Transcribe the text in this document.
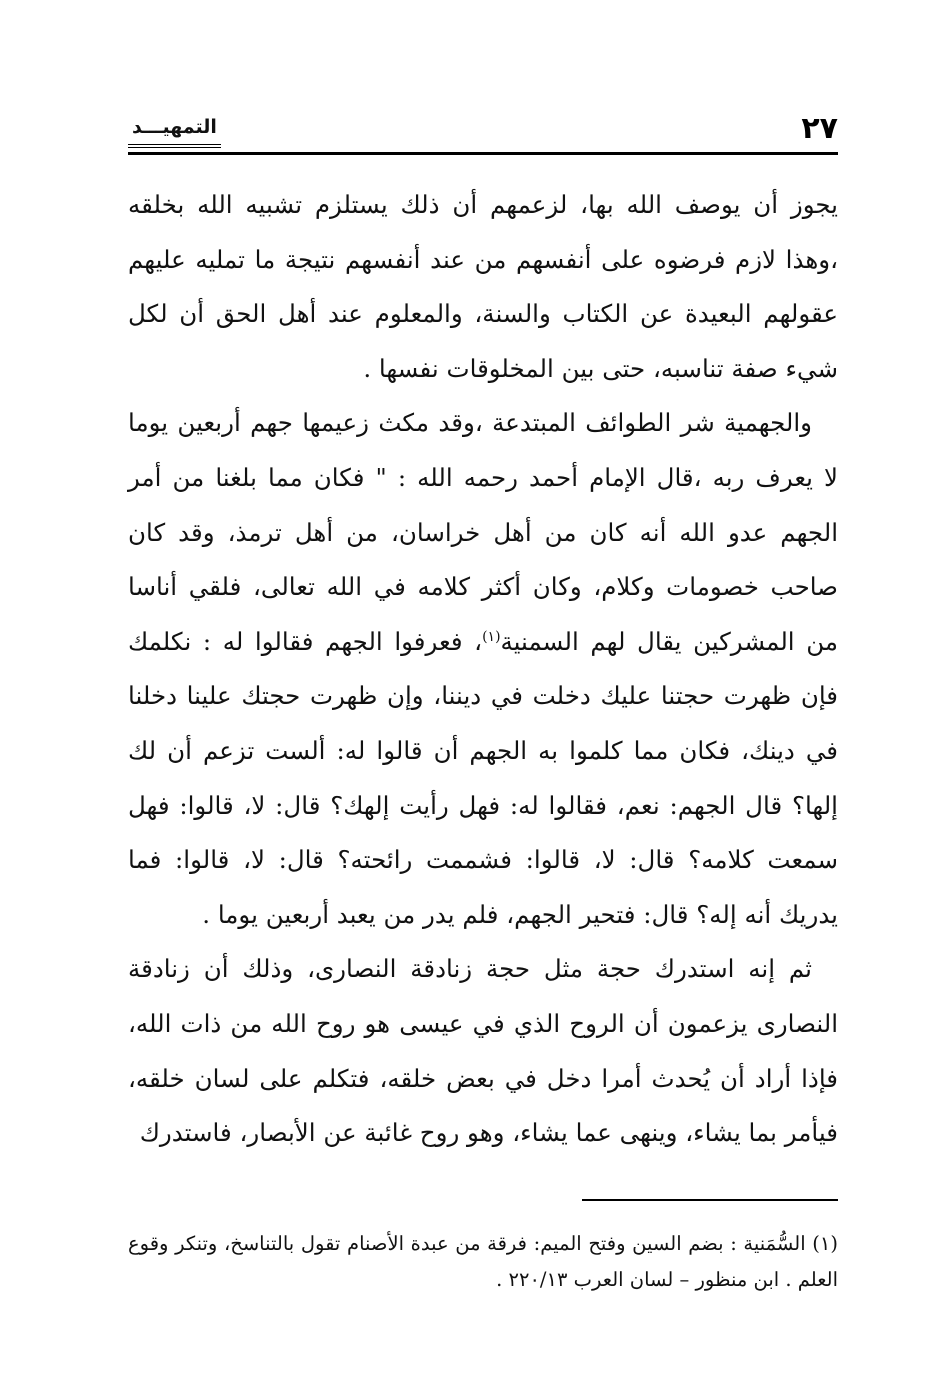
٢٧
التمهيـــد

يجوز أن يوصف الله بها، لزعمهم أن ذلك يستلزم تشبيه الله بخلقه ،وهذا لازم فرضوه على أنفسهم من عند أنفسهم نتيجة ما تمليه عليهم عقولهم البعيدة عن الكتاب والسنة، والمعلوم عند أهل الحق أن لكل شيء صفة تناسبه، حتى بين المخلوقات نفسها .

والجهمية شر الطوائف المبتدعة ،وقد مكث زعيمها جهم أربعين يوما لا يعرف ربه ،قال الإمام أحمد رحمه الله : " فكان مما بلغنا من أمر الجهم عدو الله أنه كان من أهل خراسان، من أهل ترمذ، وقد كان صاحب خصومات وكلام، وكان أكثر كلامه في الله تعالى، فلقي أناسا من المشركين يقال لهم السمنية$^{(١)}$، فعرفوا الجهم فقالوا له : نكلمك فإن ظهرت حجتنا عليك دخلت في ديننا، وإن ظهرت حجتك علينا دخلنا في دينك، فكان مما كلموا به الجهم أن قالوا له: ألست تزعم أن لك إلها؟ قال الجهم: نعم، فقالوا له: فهل رأيت إلهك؟ قال: لا، قالوا: فهل سمعت كلامه؟ قال: لا، قالوا: فشممت رائحته؟ قال: لا، قالوا: فما يدريك أنه إله؟ قال: فتحير الجهم، فلم يدر من يعبد أربعين يوما .

ثم إنه استدرك حجة مثل حجة زنادقة النصارى، وذلك أن زنادقة النصارى يزعمون أن الروح الذي في عيسى هو روح الله من ذات الله، فإذا أراد أن يُحدث أمرا دخل في بعض خلقه، فتكلم على لسان خلقه، فيأمر بما يشاء، وينهى عما يشاء، وهو روح غائبة عن الأبصار، فاستدرك

(١) السُّمَنية : بضم السين وفتح الميم: فرقة من عبدة الأصنام تقول بالتناسخ، وتنكر وقوع العلم . ابن منظور – لسان العرب ٢٢٠/١٣ .
